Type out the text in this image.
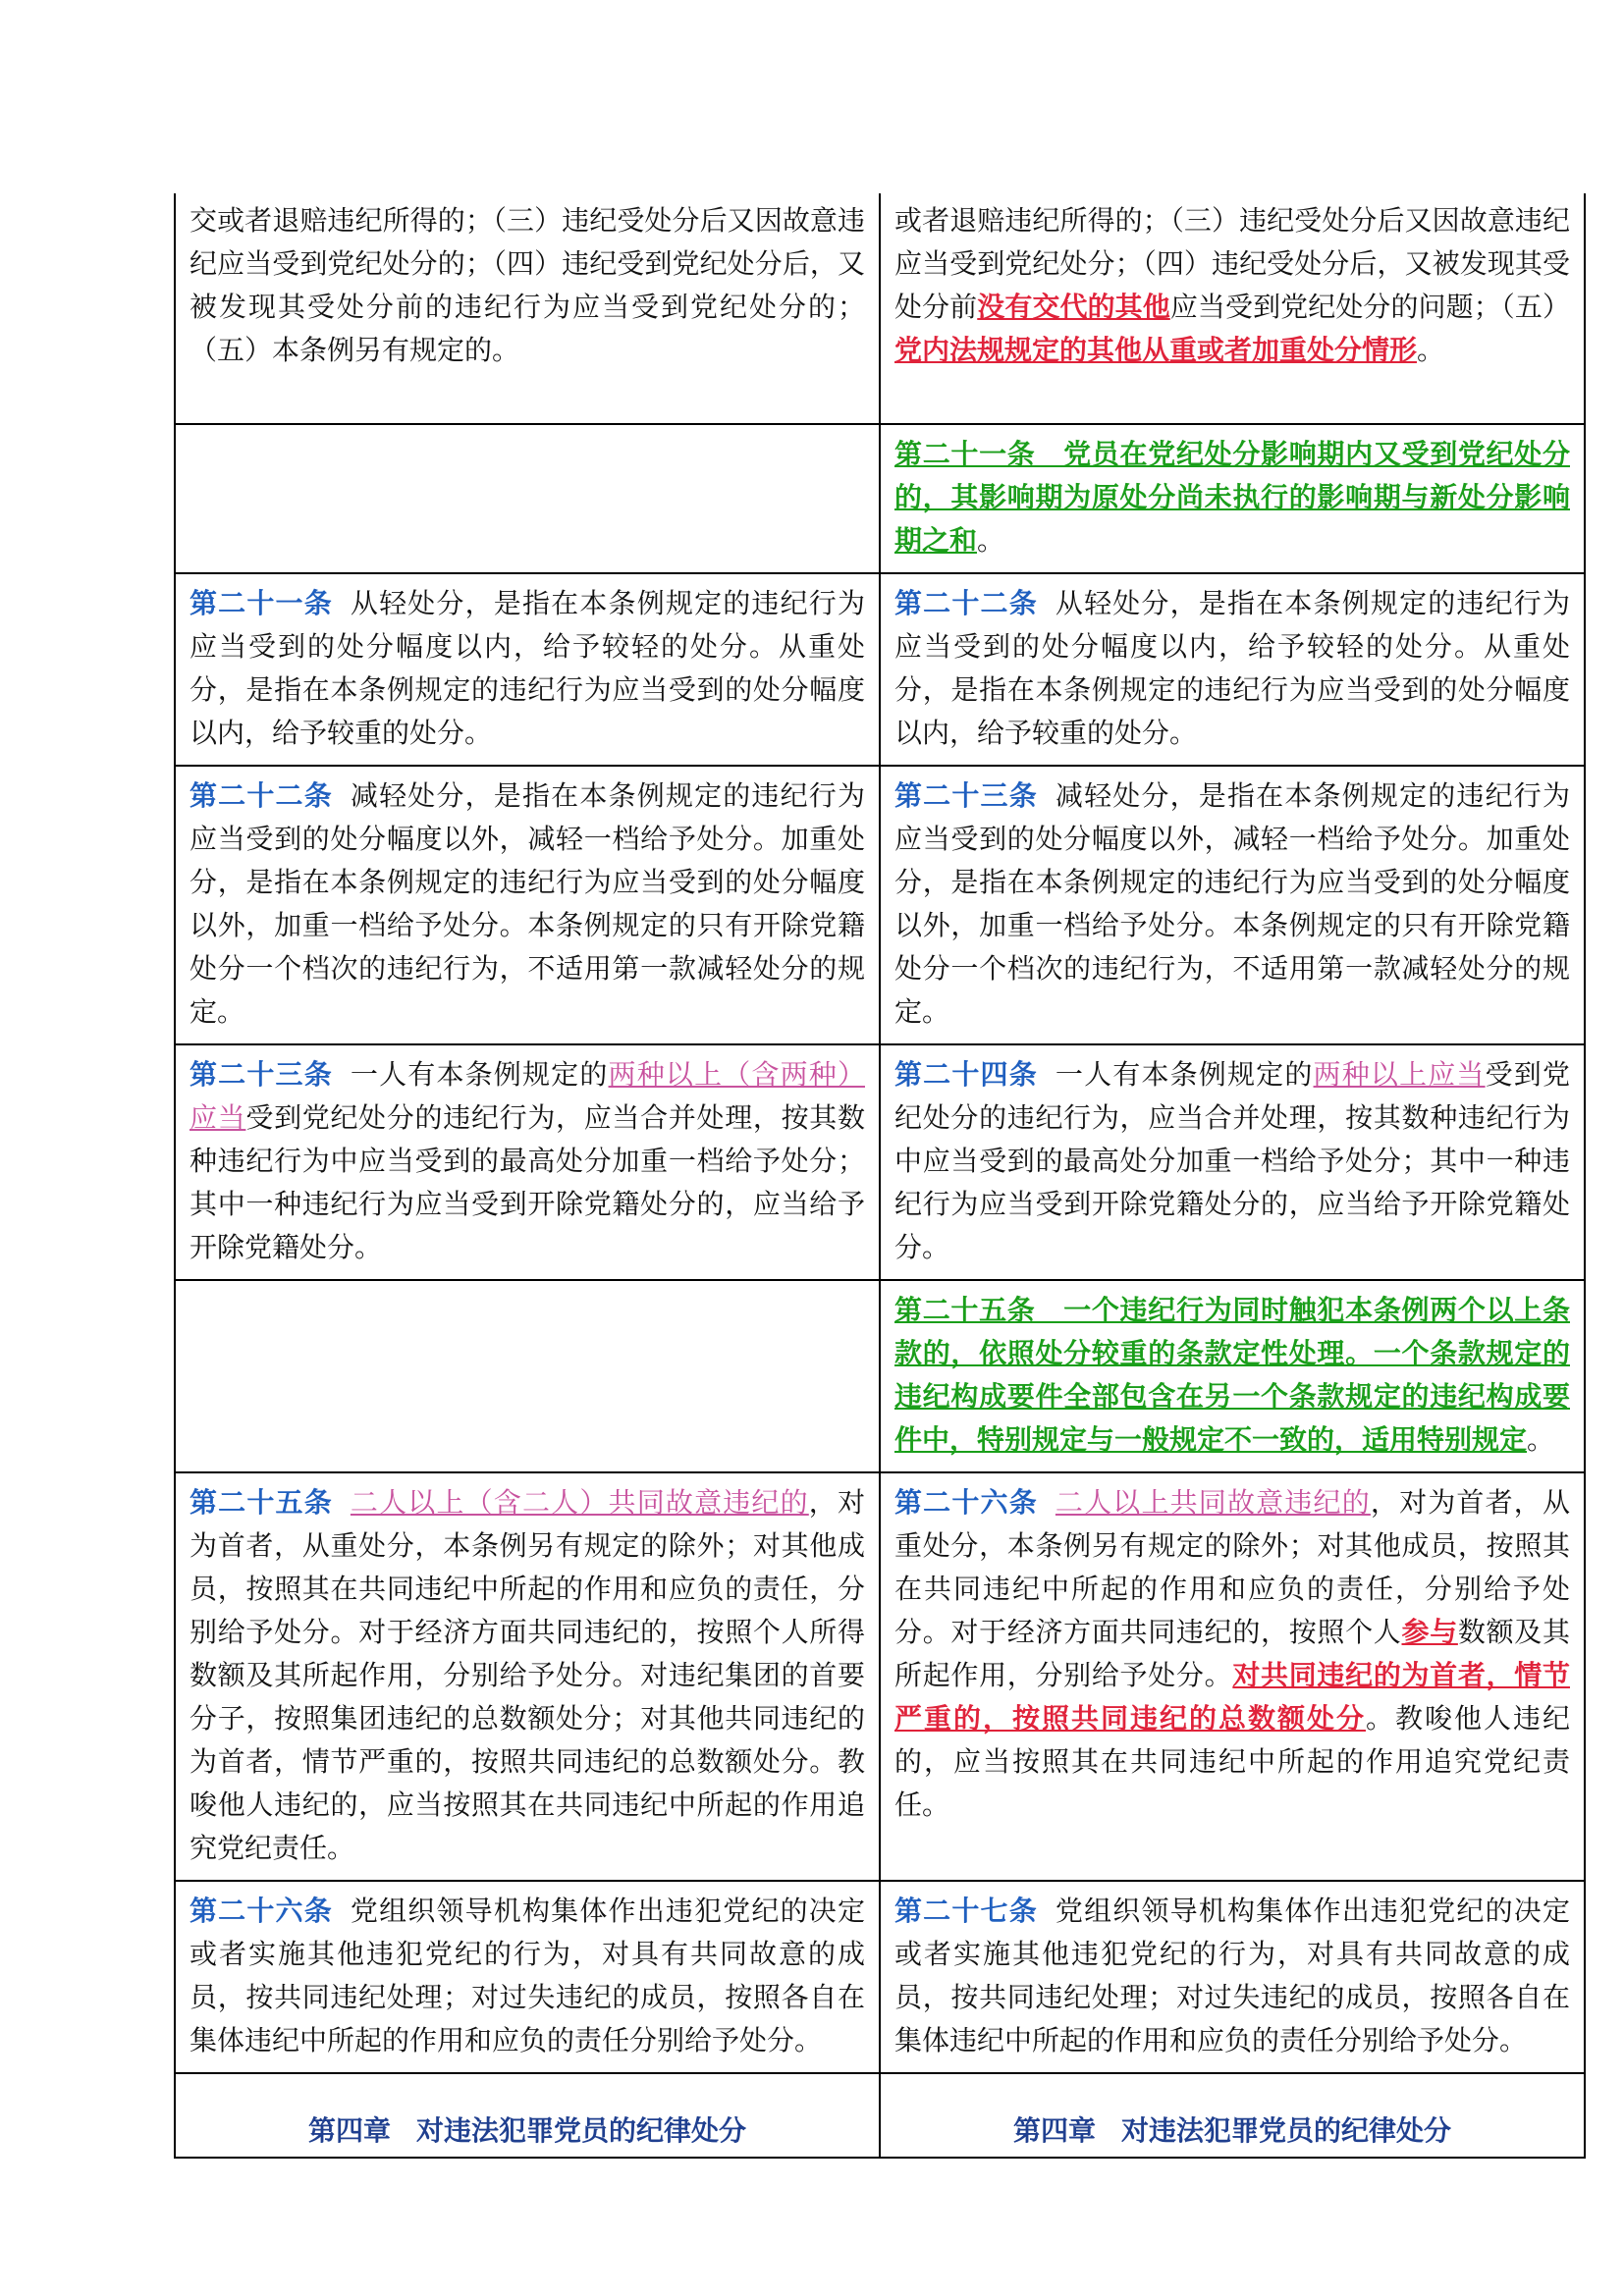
交或者退赔违纪所得的；（三）违纪受处分后又因故意违纪应当受到党纪处分的；（四）违纪受到党纪处分后，又被发现其受处分前的违纪行为应当受到党纪处分的；（五）本条例另有规定的。	或者退赔违纪所得的；（三）违纪受处分后又因故意违纪应当受到党纪处分；（四）违纪受处分后，又被发现其受处分前没有交代的其他应当受到党纪处分的问题；（五）党内法规规定的其他从重或者加重处分情形。
	第二十一条　党员在党纪处分影响期内又受到党纪处分的，其影响期为原处分尚未执行的影响期与新处分影响期之和。
第二十一条 从轻处分，是指在本条例规定的违纪行为应当受到的处分幅度以内，给予较轻的处分。从重处分，是指在本条例规定的违纪行为应当受到的处分幅度以内，给予较重的处分。	第二十二条 从轻处分，是指在本条例规定的违纪行为应当受到的处分幅度以内，给予较轻的处分。从重处分，是指在本条例规定的违纪行为应当受到的处分幅度以内，给予较重的处分。
第二十二条 减轻处分，是指在本条例规定的违纪行为应当受到的处分幅度以外，减轻一档给予处分。加重处分，是指在本条例规定的违纪行为应当受到的处分幅度以外，加重一档给予处分。本条例规定的只有开除党籍处分一个档次的违纪行为，不适用第一款减轻处分的规定。	第二十三条 减轻处分，是指在本条例规定的违纪行为应当受到的处分幅度以外，减轻一档给予处分。加重处分，是指在本条例规定的违纪行为应当受到的处分幅度以外，加重一档给予处分。本条例规定的只有开除党籍处分一个档次的违纪行为，不适用第一款减轻处分的规定。
第二十三条 一人有本条例规定的两种以上（含两种）应当受到党纪处分的违纪行为，应当合并处理，按其数种违纪行为中应当受到的最高处分加重一档给予处分；其中一种违纪行为应当受到开除党籍处分的，应当给予开除党籍处分。	第二十四条 一人有本条例规定的两种以上应当受到党纪处分的违纪行为，应当合并处理，按其数种违纪行为中应当受到的最高处分加重一档给予处分；其中一种违纪行为应当受到开除党籍处分的，应当给予开除党籍处分。
	第二十五条　一个违纪行为同时触犯本条例两个以上条款的，依照处分较重的条款定性处理。一个条款规定的违纪构成要件全部包含在另一个条款规定的违纪构成要件中，特别规定与一般规定不一致的，适用特别规定。
第二十五条 二人以上（含二人）共同故意违纪的，对为首者，从重处分，本条例另有规定的除外；对其他成员，按照其在共同违纪中所起的作用和应负的责任，分别给予处分。对于经济方面共同违纪的，按照个人所得数额及其所起作用，分别给予处分。对违纪集团的首要分子，按照集团违纪的总数额处分；对其他共同违纪的为首者，情节严重的，按照共同违纪的总数额处分。教唆他人违纪的，应当按照其在共同违纪中所起的作用追究党纪责任。	第二十六条 二人以上共同故意违纪的，对为首者，从重处分，本条例另有规定的除外；对其他成员，按照其在共同违纪中所起的作用和应负的责任，分别给予处分。对于经济方面共同违纪的，按照个人参与数额及其所起作用，分别给予处分。对共同违纪的为首者，情节严重的，按照共同违纪的总数额处分。教唆他人违纪的，应当按照其在共同违纪中所起的作用追究党纪责任。
第二十六条 党组织领导机构集体作出违犯党纪的决定或者实施其他违犯党纪的行为，对具有共同故意的成员，按共同违纪处理；对过失违纪的成员，按照各自在集体违纪中所起的作用和应负的责任分别给予处分。	第二十七条 党组织领导机构集体作出违犯党纪的决定或者实施其他违犯党纪的行为，对具有共同故意的成员，按共同违纪处理；对过失违纪的成员，按照各自在集体违纪中所起的作用和应负的责任分别给予处分。
第四章 对违法犯罪党员的纪律处分	第四章 对违法犯罪党员的纪律处分
